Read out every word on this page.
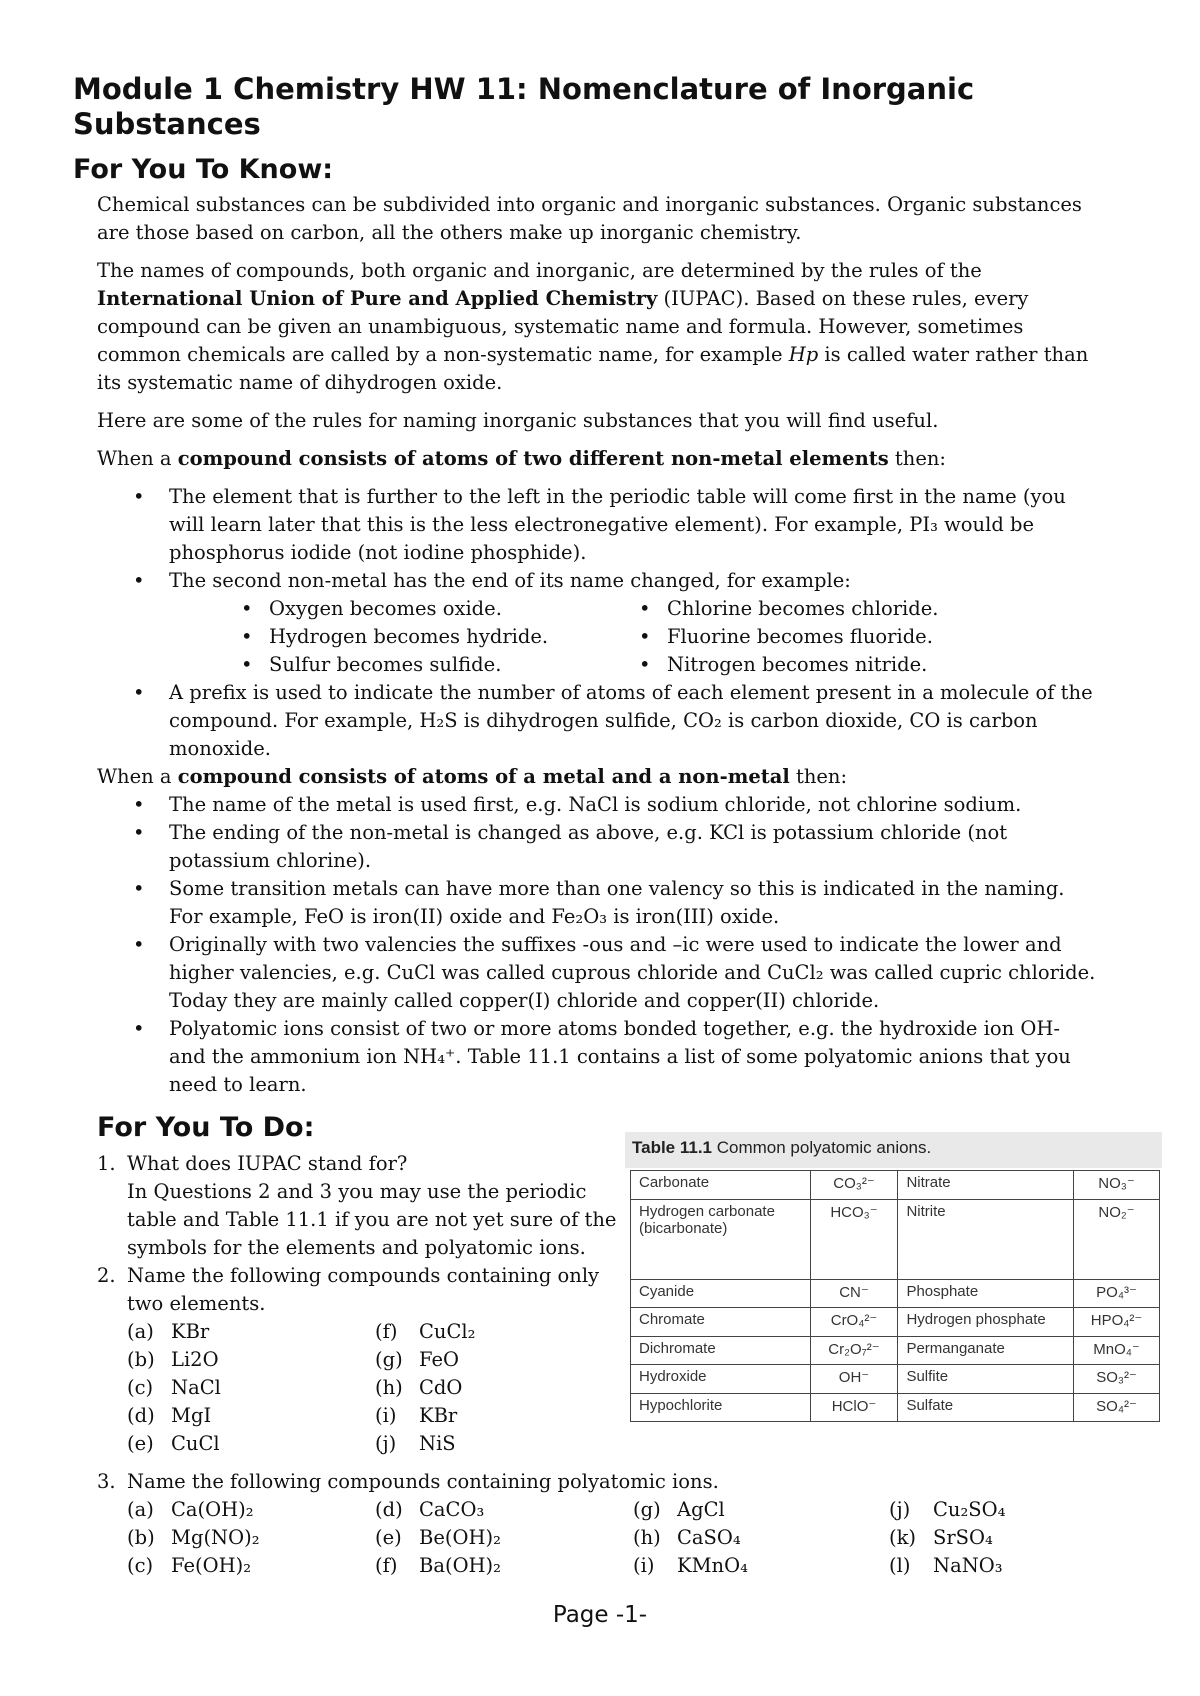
Module 1 Chemistry HW 11: Nomenclature of Inorganic Substances
For You To Know:

Chemical substances can be subdivided into organic and inorganic substances. Organic substances are those based on carbon, all the others make up inorganic chemistry.

The names of compounds, both organic and inorganic, are determined by the rules of the International Union of Pure and Applied Chemistry (IUPAC). Based on these rules, every compound can be given an unambiguous, systematic name and formula. However, sometimes common chemicals are called by a non-systematic name, for example Hp is called water rather than its systematic name of dihydrogen oxide.

Here are some of the rules for naming inorganic substances that you will find useful.

When a compound consists of atoms of two different non-metal elements then:

• The element that is further to the left in the periodic table will come first in the name (you will learn later that this is the less electronegative element). For example, PI₃ would be phosphorus iodide (not iodine phosphide).
• The second non-metal has the end of its name changed, for example:
• Oxygen becomes oxide.	• Chlorine becomes chloride.
• Hydrogen becomes hydride.	• Fluorine becomes fluoride.
• Sulfur becomes sulfide.	• Nitrogen becomes nitride.
• A prefix is used to indicate the number of atoms of each element present in a molecule of the compound. For example, H₂S is dihydrogen sulfide, CO₂ is carbon dioxide, CO is carbon monoxide.

When a compound consists of atoms of a metal and a non-metal then:

• The name of the metal is used first, e.g. NaCl is sodium chloride, not chlorine sodium.
• The ending of the non-metal is changed as above, e.g. KCl is potassium chloride (not potassium chlorine).
• Some transition metals can have more than one valency so this is indicated in the naming. For example, FeO is iron(II) oxide and Fe₂O₃ is iron(III) oxide.
• Originally with two valencies the suffixes -ous and –ic were used to indicate the lower and higher valencies, e.g. CuCl was called cuprous chloride and CuCl₂ was called cupric chloride. Today they are mainly called copper(I) chloride and copper(II) chloride.
• Polyatomic ions consist of two or more atoms bonded together, e.g. the hydroxide ion OH- and the ammonium ion NH₄⁺. Table 11.1 contains a list of some polyatomic anions that you need to learn.
For You To Do:
1. What does IUPAC stand for?
In Questions 2 and 3 you may use the periodic table and Table 11.1 if you are not yet sure of the symbols for the elements and polyatomic ions.
2. Name the following compounds containing only two elements.
(a) KBr	(f)	CuCl₂
(b) Li2O	(g) FeO
(c) NaCl	(h) CdO
(d) MgI	(i)	KBr
(e) CuCl	(j)	NiS
Table 11.1 Common polyatomic anions.
Carbonate	CO₃²⁻	Nitrate	NO₃⁻
Hydrogen carbonate (bicarbonate)	HCO₃⁻	Nitrite	NO₂⁻
Cyanide	CN⁻	Phosphate	PO₄³⁻
Chromate	CrO₄²⁻	Hydrogen phosphate	HPO₄²⁻
Dichromate	Cr₂O₇²⁻	Permanganate	MnO₄⁻
Hydroxide	OH⁻	Sulfite	SO₃²⁻
Hypochlorite	HClO⁻	Sulfate	SO₄²⁻
3. Name the following compounds containing polyatomic ions.
(a) Ca(OH)₂	(d) CaCO₃	(g) AgCl	(j)	Cu₂SO₄
(b) Mg(NO)₂	(e) Be(OH)₂	(h) CaSO₄	(k) SrSO₄
(c) Fe(OH)₂	(f)	Ba(OH)₂	(i)	KMnO₄	(l)	NaNO₃
Page -1-
